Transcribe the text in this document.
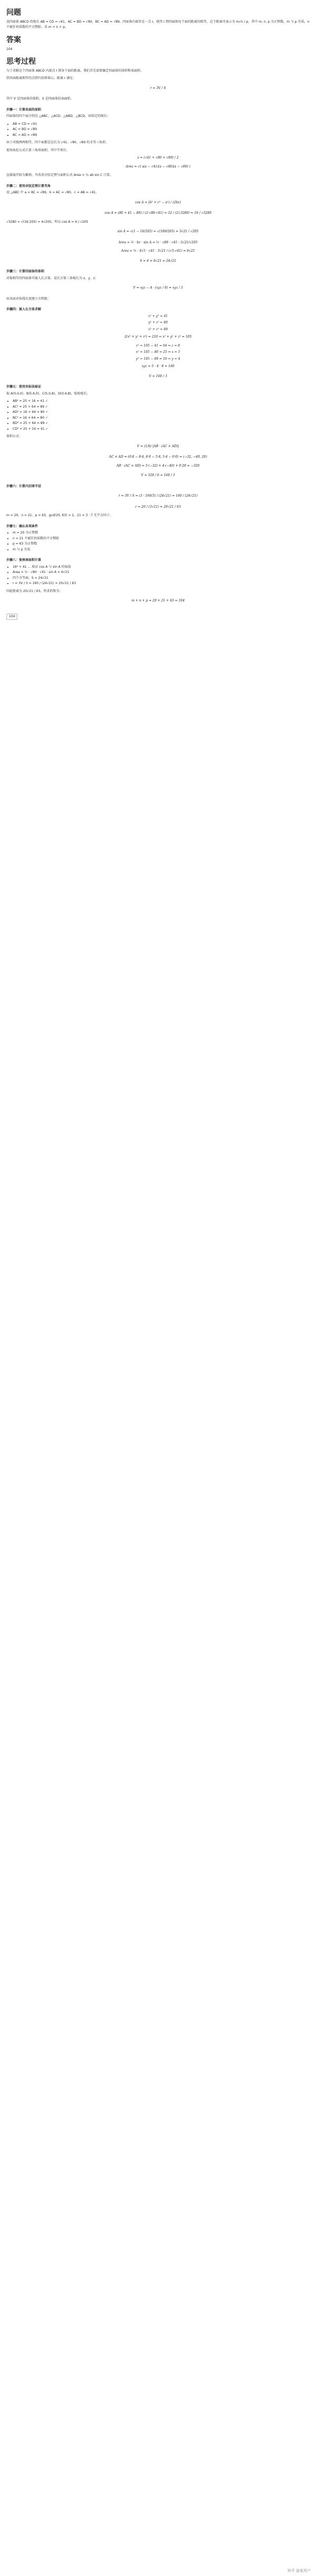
问题

设四面体 ABCD 的棱长 AB = CD = √41，AC = BD = √80，BC = AD = √89。四面体内部存在一点 I，使得 I 到四面体每个面的距离均相等，这个距离可表示为 m√n / p，其中 m, n, p 为正整数，m 与 p 互质，n 不被任何质数的平方整除。求 m + n + p。

答案

104

思考过程

为了求解这个四面体 ABCD 内部点 I 到各个面的距离，我们首先需要确定四面体的体积和表面积。

到各面距离相等的点即内切球球心，距离 r 满足：

r = 3V / S

其中 V 是四面体的体积，S 是四面体的表面积。

步骤一：计算各面的面积

四面体的四个面分别是 △ABC、△ACD、△ABD、△BCD。由给定的棱长：

• AB = CD = √41
• AC = BD = √80
• BC = AD = √89

由于对棱两两相等，四个面都是边长为 √41、√80、√89 的全等三角形。

使用海伦公式计算三角形面积，其中半周长：

s = (√41 + √80 + √89) / 2
Area = √( s(s − √41)(s − √80)(s − √89) )

直接展开较为繁琐，可改用余弦定理与面积公式 Area = ½ ab sin C 计算。

步骤二：使用余弦定理计算夹角

设 △ABC 中 a = BC = √89，b = AC = √80，c = AB = √41。

cos A = (b² + c² − a²) / (2bc)
cos A = (80 + 41 − 89) / (2·√80·√41) = 32 / (2√3280) = 16 / √3280

√3280 = √(16·205) = 4√205，所以 cos A = 4 / √205

sin A = √(1 − 16/205) = √(189/205) = 3√21 / √205
Area = ½ · bc · sin A = ½ · √80 · √41 · 3√21/√205
Area = ½ · 4√5 · √41 · 3√21 / (√5·√41) = 6√21
S = 4 × 6√21 = 24√21
步骤三：计算四面体的体积

对棱相等的四面体可嵌入长方体，设长方体三条棱长为 x、y、z：

V = xyz − 4 · (xyz / 6) = xyz / 3

由各面对角线长度建立方程组：

步骤四：嵌入长方体求解
x² + y² = 41
y² + z² = 80
x² + z² = 89
2(x² + y² + z²) = 210 ⇒ x² + y² + z² = 105
z² = 105 − 41 = 64 ⇒ z = 8
x² = 105 − 80 = 25 ⇒ x = 5
y² = 105 − 89 = 16 ⇒ y = 4
xyz = 5 · 4 · 8 = 160
V = 160 / 3
步骤五：使用坐标法验证

取 A(0,0,0)、B(5,4,0)、C(5,0,8)、D(0,4,8)，检验棱长：

• AB² = 25 + 16 = 41 ✓
• AC² = 25 + 64 = 89 ✓
• AD² = 16 + 64 = 80 ✓
• BC² = 16 + 64 = 80 ✓
• BD² = 25 + 64 = 89 ✓
• CD² = 25 + 16 = 41 ✓

体积公式：

V = (1/6) |AB · (AC × AD)|
AC × AD = (0·8 − 8·4, 8·0 − 5·8, 5·4 − 0·0) = (−32, −40, 20)
AB · (AC × AD) = 5·(−32) + 4·(−40) + 0·20 = −320
V = 320 / 6 = 160 / 3
步骤六：计算内切球半径
r = 3V / S = (3 · 160/3) / (24√21) = 160 / (24√21)
r = 20 / (3√21) = 20√21 / 63

m = 20，n = 21，p = 63，gcd(20, 63) = 1，21 = 3 · 7 无平方因子。

步骤七：确认各项条件
• m = 20 为正整数
• n = 21 不被任何质数的平方整除
• p = 63 为正整数
• m 与 p 互质
步骤八：复核表面积计算
• 16² + 41 … 验证 cos A 与 sin A 的取值
• Area = ½ · √80 · √41 · sin A = 6√21
• 四个全等面，S = 24√21
• r = 3V / S = 160 / (24√21) = 20√21 / 63

因此距离为 20√21 / 63，所求的和为：

m + n + p = 20 + 21 + 63 = 104
104
知乎 @某用户
